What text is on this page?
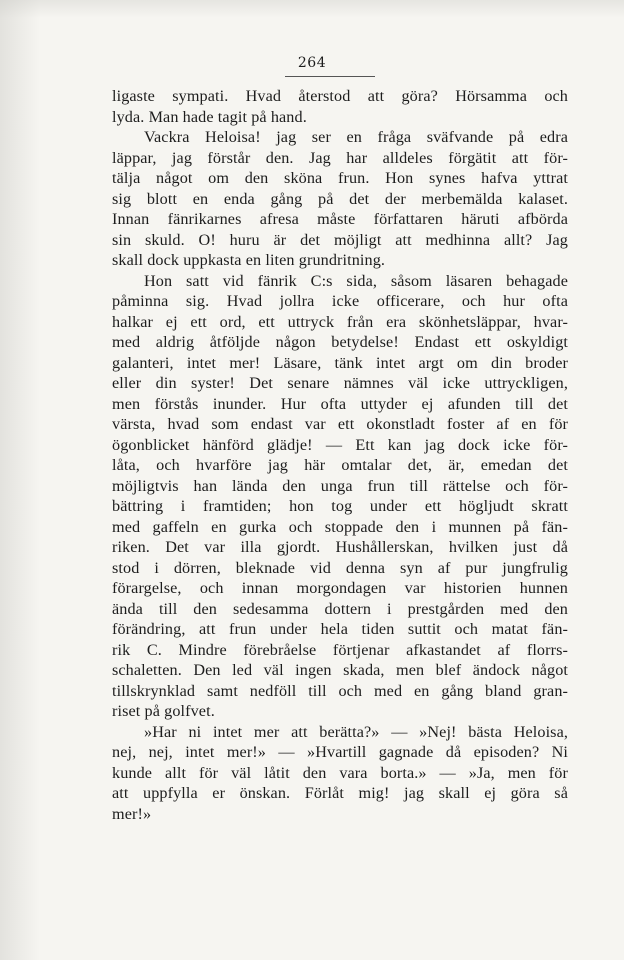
264
ligaste sympati. Hvad återstod att göra? Hörsamma och
lyda. Man hade tagit på hand.
Vackra Heloisa! jag ser en fråga sväfvande på edra
läppar, jag förstår den. Jag har alldeles förgätit att för-
tälja något om den sköna frun. Hon synes hafva yttrat
sig blott en enda gång på det der merbemälda kalaset.
Innan fänrikarnes afresa måste författaren häruti afbörda
sin skuld. O! huru är det möjligt att medhinna allt? Jag
skall dock uppkasta en liten grundritning.
Hon satt vid fänrik C:s sida, såsom läsaren behagade
påminna sig. Hvad jollra icke officerare, och hur ofta
halkar ej ett ord, ett uttryck från era skönhetsläppar, hvar-
med aldrig åtföljde någon betydelse! Endast ett oskyldigt
galanteri, intet mer! Läsare, tänk intet argt om din broder
eller din syster! Det senare nämnes väl icke uttryckligen,
men förstås inunder. Hur ofta uttyder ej afunden till det
värsta, hvad som endast var ett okonstladt foster af en för
ögonblicket hänförd glädje! — Ett kan jag dock icke för-
låta, och hvarföre jag här omtalar det, är, emedan det
möjligtvis han lända den unga frun till rättelse och för-
bättring i framtiden; hon tog under ett högljudt skratt
med gaffeln en gurka och stoppade den i munnen på fän-
riken. Det var illa gjordt. Hushållerskan, hvilken just då
stod i dörren, bleknade vid denna syn af pur jungfrulig
förargelse, och innan morgondagen var historien hunnen
ända till den sedesamma dottern i prestgården med den
förändring, att frun under hela tiden suttit och matat fän-
rik C. Mindre förebråelse förtjenar afkastandet af florrs-
schaletten. Den led väl ingen skada, men blef ändock något
tillskrynklad samt nedföll till och med en gång bland gran-
riset på golfvet.
»Har ni intet mer att berätta?» — »Nej! bästa Heloisa,
nej, nej, intet mer!» — »Hvartill gagnade då episoden? Ni
kunde allt för väl låtit den vara borta.» — »Ja, men för
att uppfylla er önskan. Förlåt mig! jag skall ej göra så
mer!»
